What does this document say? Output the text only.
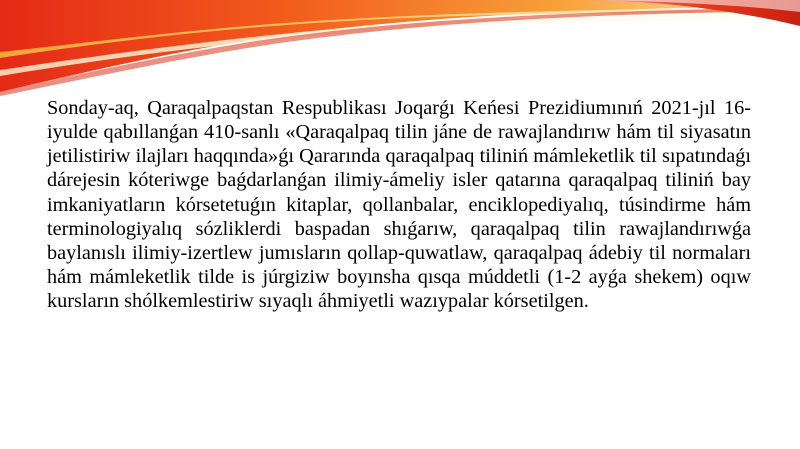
Sonday-aq, Qaraqalpaqstan Respublikası Joqarǵı Keńesi Prezidiumınıń 2021-jıl 16-iyulde qabıllanǵan 410-sanlı «Qaraqalpaq tilin jáne de rawajlandırıw hám til siyasatın jetilistiriw ilajları haqqında»ǵı Qararında qaraqalpaq tiliniń mámleketlik til sıpatındaǵı dárejesin kóteriwge baǵdarlanǵan ilimiy-ámeliy isler qatarına qaraqalpaq tiliniń bay imkaniyatların kórsetetuǵın kitaplar, qollanbalar, enciklopediyalıq, túsindirme hám terminologiyalıq sózliklerdi baspadan shıǵarıw, qaraqalpaq tilin rawajlandırıwǵa baylanıslı ilimiy-izertlew jumısların qollap-quwatlaw, qaraqalpaq ádebiy til normaları hám mámleketlik tilde is júrgiziw boyınsha qısqa múddetli (1-2 ayǵa shekem) oqıw kursların shólkemlestiriw sıyaqlı áhmiyetli wazıypalar kórsetilgen.
